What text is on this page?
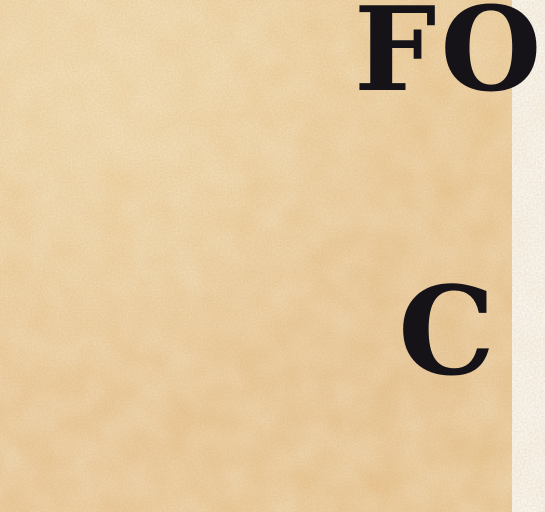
FO
C
